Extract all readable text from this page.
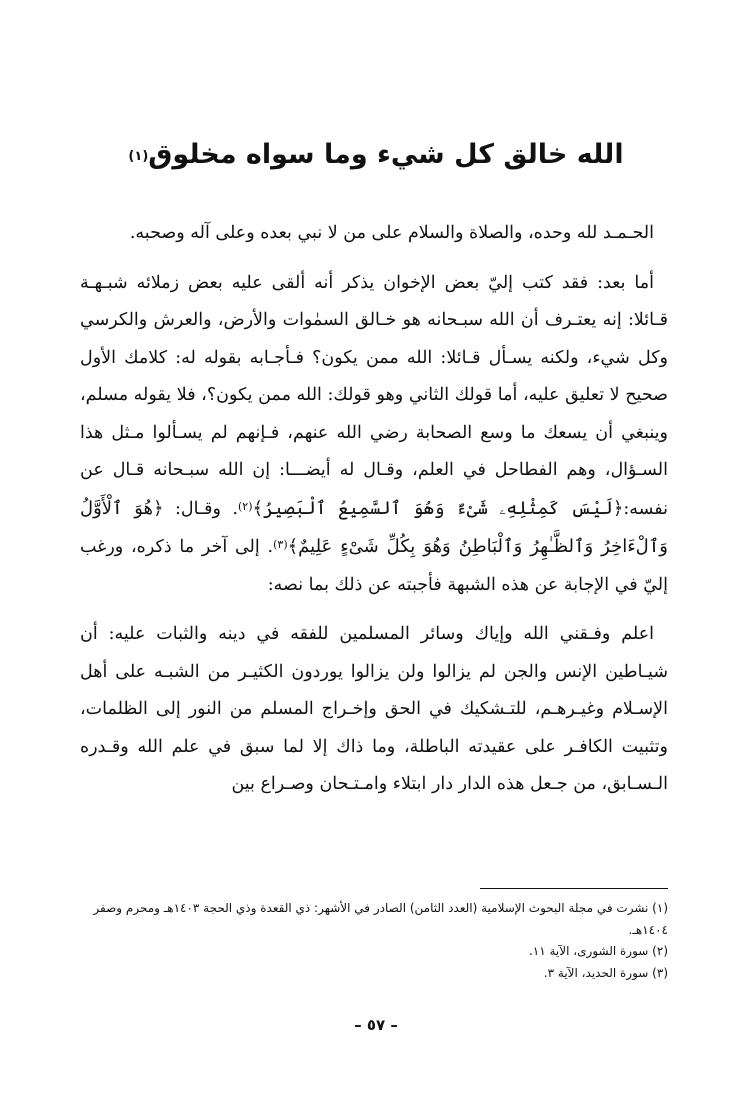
الله خالق كل شيء وما سواه مخلوق$^{(١)}$

الحـمـد لله وحده، والصلاة والسلام على من لا نبي بعده وعلى آله وصحبه.

أما بعد: فقد كتب إليّ بعض الإخوان يذكر أنه ألقى عليه بعض زملائه شبـهـة قـائلا: إنه يعتـرف أن الله سبـحانه هو خـالق السمٰوات والأرض، والعرش والكرسي وكل شيء، ولكنه يسـأل قـائلا: الله ممن يكون؟ فـأجـابه بقوله له: كلامك الأول صحيح لا تعليق عليه، أما قولك الثاني وهو قولك: الله ممن يكون؟، فلا يقوله مسلم، وينبغي أن يسعك ما وسع الصحابة رضي الله عنهم، فـإنهم لم يسـألوا مـثل هذا السـؤال، وهم الفطاحل في العلم، وقـال له أيضـــا: إن الله سبـحانه قـال عن نفسه:﴿لَيْسَ كَمِثْلِهِۦ شَىْءٌ وَهُوَ ٱلسَّمِيعُ ٱلْبَصِيرُ﴾$^{(٢)}$. وقـال: ﴿هُوَ ٱلْأَوَّلُ وَٱلْءَاخِرُ وَٱلظَّـٰهِرُ وَٱلْبَاطِنُ وَهُوَ بِكُلِّ شَىْءٍ عَلِيمٌ﴾$^{(٣)}$. إلى آخر ما ذكره، ورغب إليّ في الإجابة عن هذه الشبهة فأجبته عن ذلك بما نصه:

اعلم وفـقني الله وإياك وسائر المسلمين للفقه في دينه والثبات عليه: أن شيـاطين الإنس والجن لم يزالوا ولن يزالوا يوردون الكثيـر من الشبـه على أهل الإسـلام وغيـرهـم، للتـشكيك في الحق وإخـراج المسلم من النور إلى الظلمات، وتثبيت الكافـر على عقيدته الباطلة، وما ذاك إلا لما سبق في علم الله وقـدره الـسـابق، من جـعل هذه الدار دار ابتلاء وامـتـحان وصـراع بين

(١) نشرت في مجلة البحوث الإسلامية (العدد الثامن) الصادر في الأشهر: ذي القعدة وذي الحجة ١٤٠٣هـ ومحرم وصفر ١٤٠٤هـ.

(٢) سورة الشورى، الآية ١١.

(٣) سورة الحديد، الآية ٣.

– ٥٧ –
